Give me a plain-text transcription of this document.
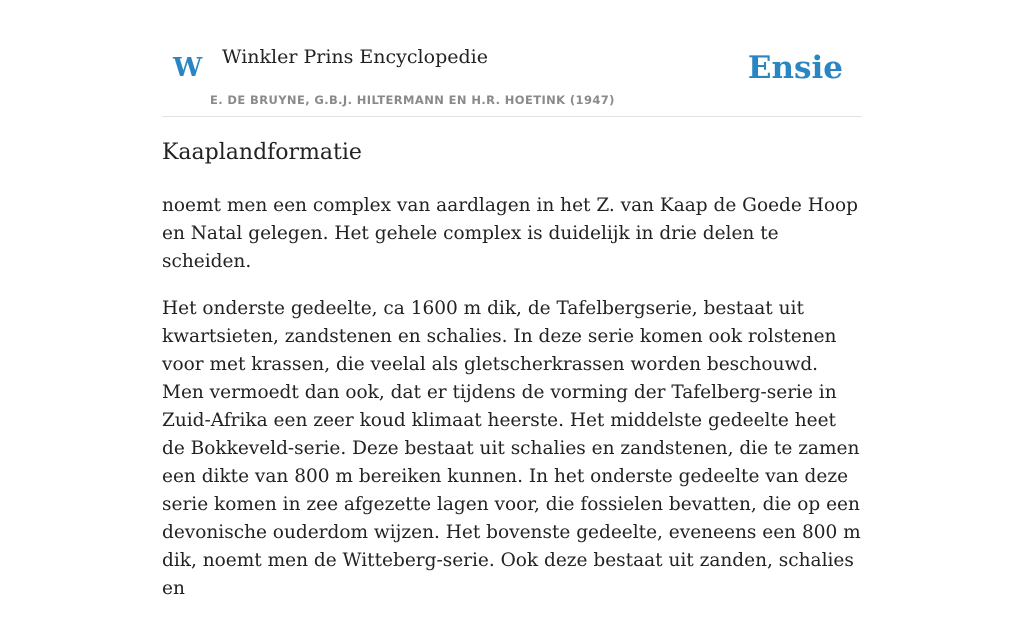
W Winkler Prins Encyclopedie
E. DE BRUYNE, G.B.J. HILTERMANN EN H.R. HOETINK (1947)
Ensie
Kaaplandformatie

noemt men een complex van aardlagen in het Z. van Kaap de Goede Hoop en Natal gelegen. Het gehele complex is duidelijk in drie delen te scheiden.

Het onderste gedeelte, ca 1600 m dik, de Tafelbergserie, bestaat uit kwartsieten, zandstenen en schalies. In deze serie komen ook rolstenen voor met krassen, die veelal als gletscherkrassen worden beschouwd. Men vermoedt dan ook, dat er tijdens de vorming der Tafelberg-serie in Zuid-Afrika een zeer koud klimaat heerste. Het middelste gedeelte heet de Bokkeveld-serie. Deze bestaat uit schalies en zandstenen, die te zamen een dikte van 800 m bereiken kunnen. In het onderste gedeelte van deze serie komen in zee afgezette lagen voor, die fossielen bevatten, die op een devonische ouderdom wijzen. Het bovenste gedeelte, eveneens een 800 m dik, noemt men de Witteberg-serie. Ook deze bestaat uit zanden, schalies en
